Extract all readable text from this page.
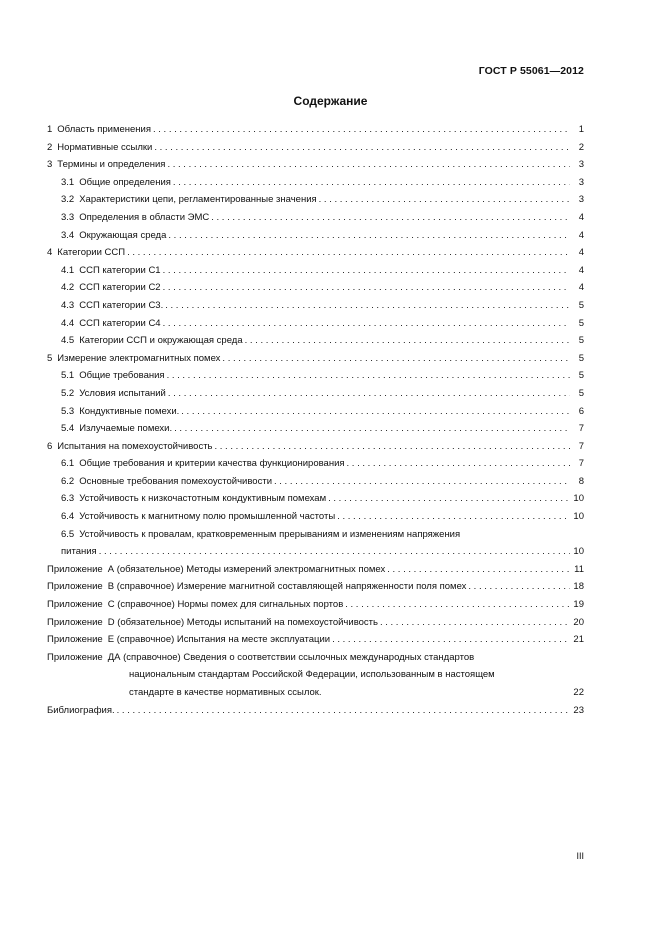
ГОСТ Р 55061—2012
Содержание
1 Область применения . . .	1
2 Нормативные ссылки . . .	2
3 Термины и определения . . .	3
3.1 Общие определения . . .	3
3.2 Характеристики цепи, регламентированные значения . . .	3
3.3 Определения в области ЭМС . . .	4
3.4 Окружающая среда . . .	4
4 Категории ССП . . .	4
4.1 ССП категории С1 . . .	4
4.2 ССП категории С2 . . .	4
4.3 ССП категории С3. . . .	5
4.4 ССП категории С4 . . .	5
4.5 Категории ССП и окружающая среда . . .	5
5 Измерение электромагнитных помех . . .	5
5.1 Общие требования . . .	5
5.2 Условия испытаний . . .	5
5.3 Кондуктивные помехи. . . .	6
5.4 Излучаемые помехи. . . .	7
6 Испытания на помехоустойчивость . . .	7
6.1 Общие требования и критерии качества функционирования . . .	7
6.2 Основные требования помехоустойчивости . . .	8
6.3 Устойчивость к низкочастотным кондуктивным помехам . . .	10
6.4 Устойчивость к магнитному полю промышленной частоты . . .	10
6.5 Устойчивость к провалам, кратковременным прерываниям и изменениям напряжения
питания . . .	10
Приложение А (обязательное) Методы измерений электромагнитных помех . . .	11
Приложение В (справочное) Измерение магнитной составляющей напряженности поля помех . . .	18
Приложение С (справочное) Нормы помех для сигнальных портов . . .	19
Приложение D (обязательное) Методы испытаний на помехоустойчивость . . .	20
Приложение Е (справочное) Испытания на месте эксплуатации . . .	21
Приложение ДА (справочное) Сведения о соответствии ссылочных международных стандартов
национальным стандартам Российской Федерации, использованным в настоящем
стандарте в качестве нормативных ссылок.	22
Библиография. . . .	23
III
